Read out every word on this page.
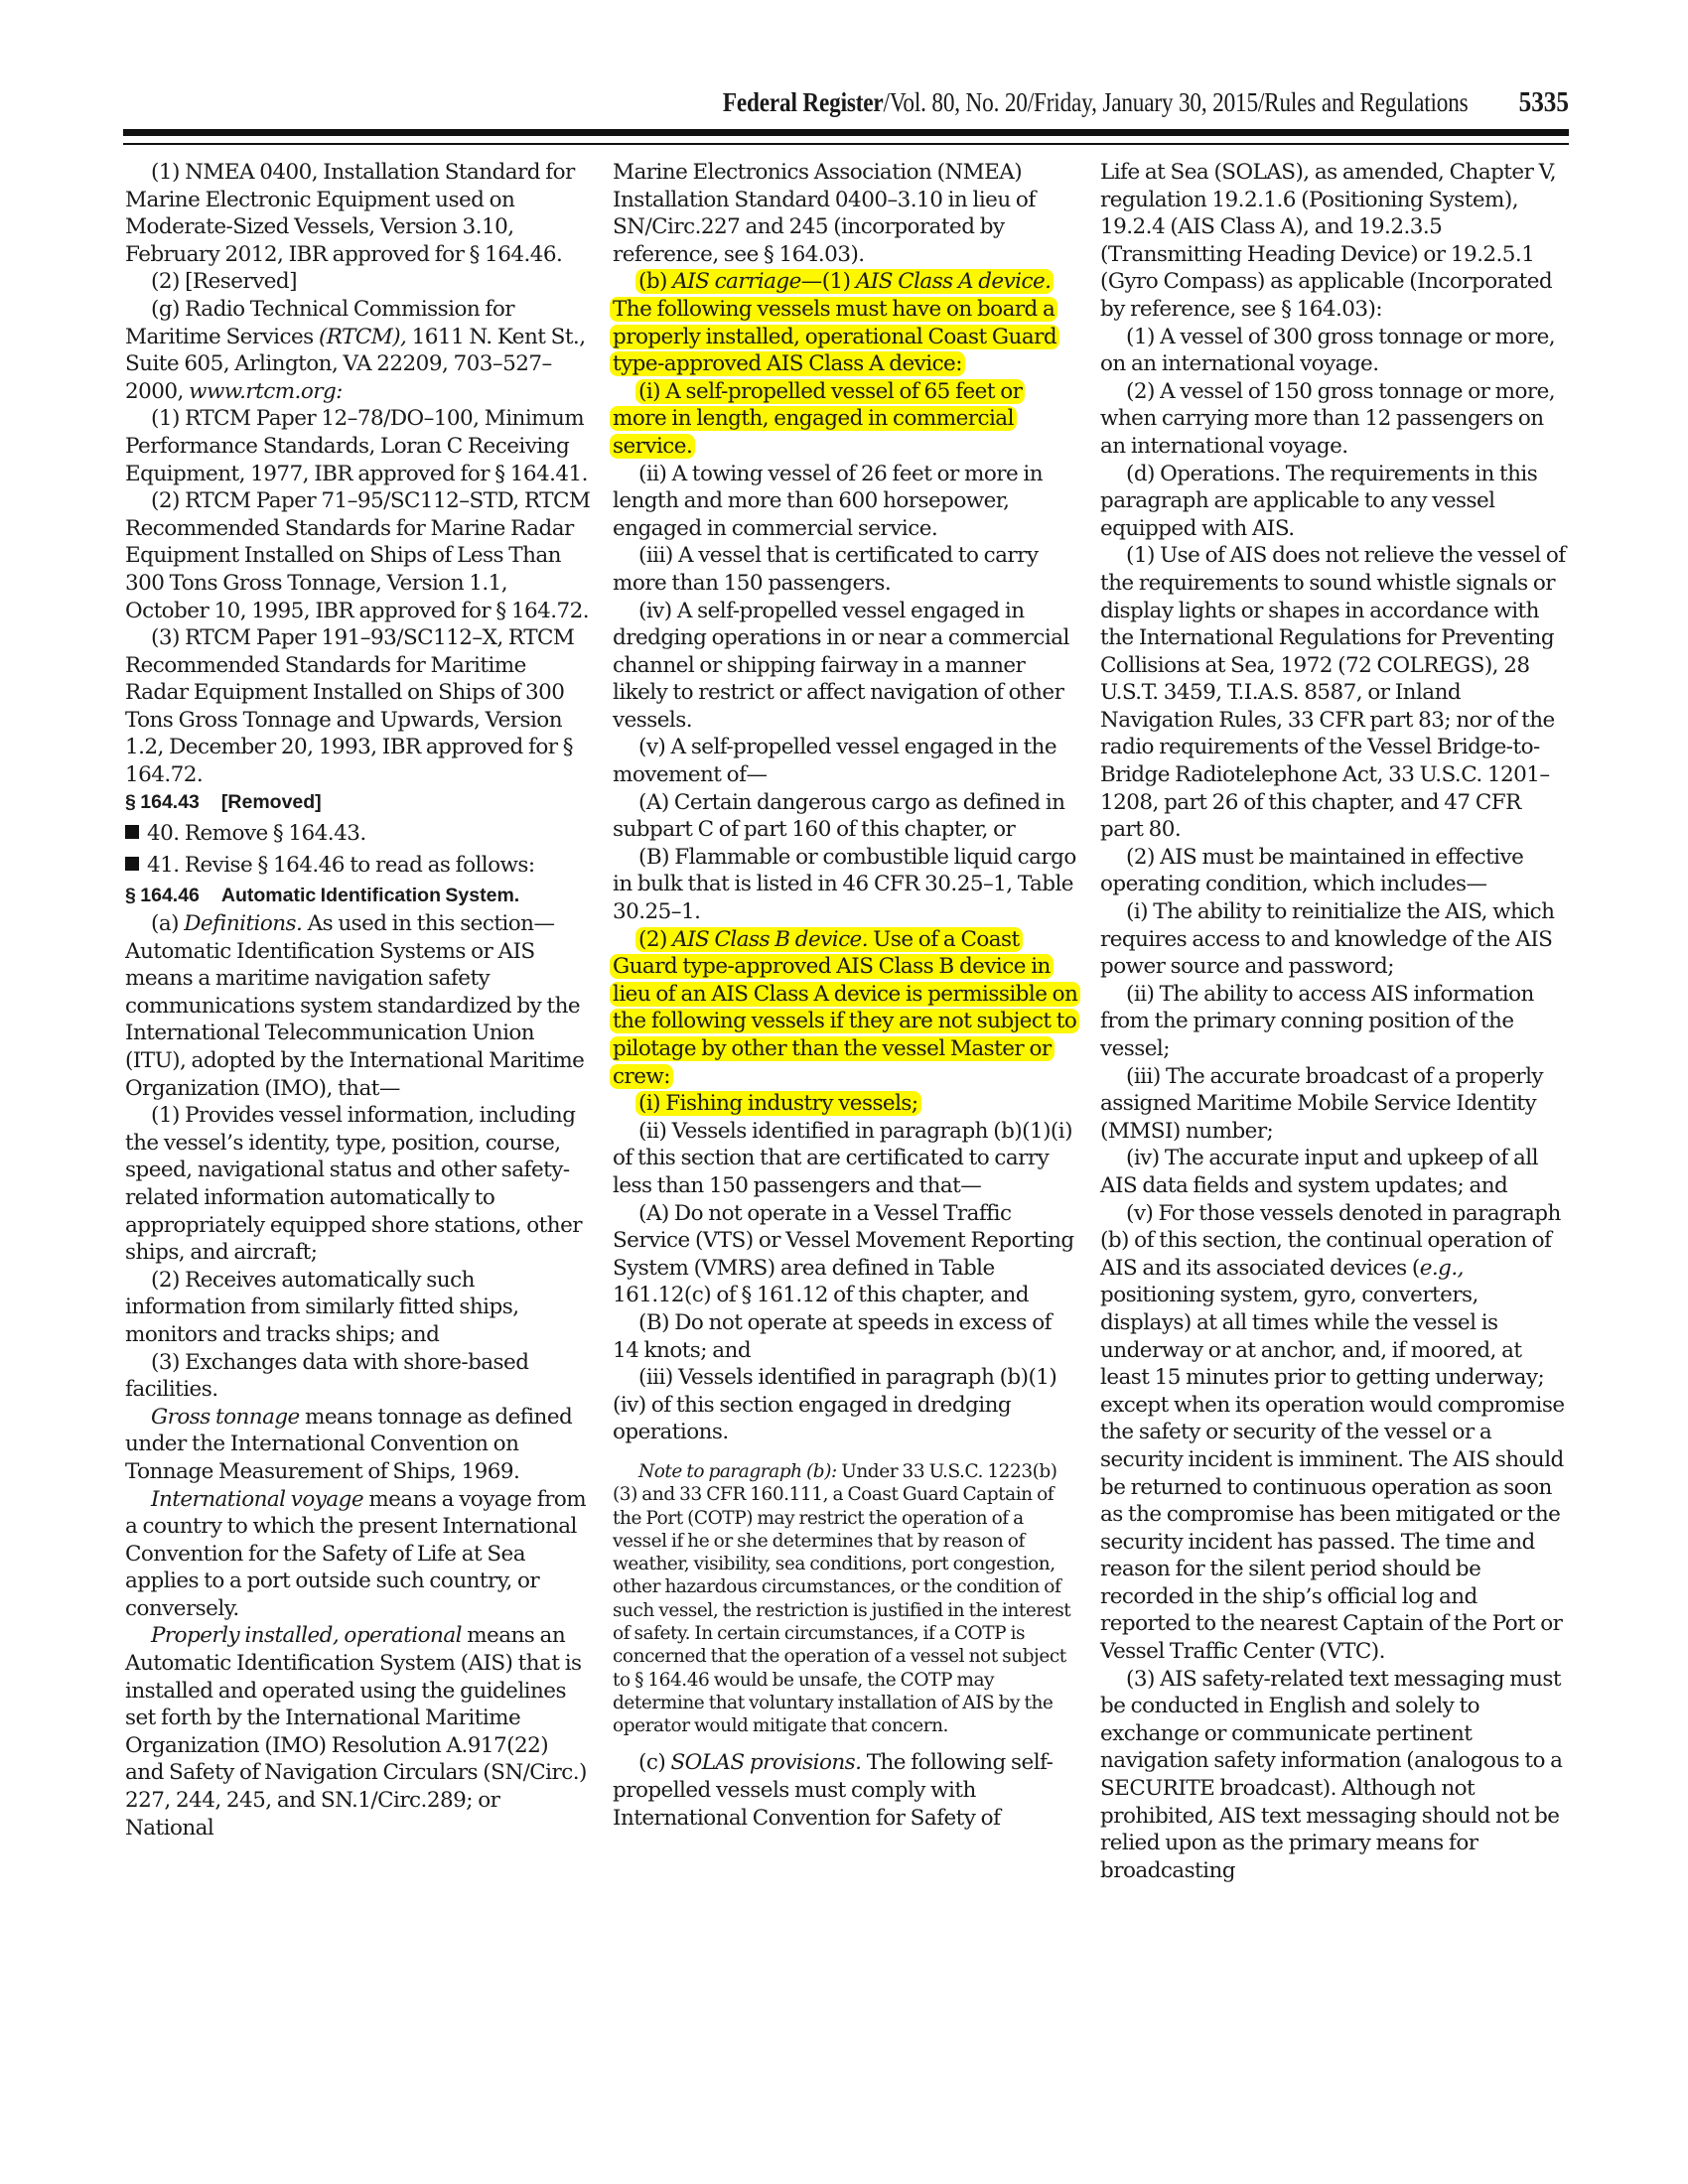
Federal Register/Vol. 80, No. 20/Friday, January 30, 2015/Rules and Regulations	5335

(1) NMEA 0400, Installation Standard for Marine Electronic Equipment used on Moderate-Sized Vessels, Version 3.10, February 2012, IBR approved for § 164.46.

(2) [Reserved]

(g) Radio Technical Commission for Maritime Services (RTCM), 1611 N. Kent St., Suite 605, Arlington, VA 22209, 703–527–2000, www.rtcm.org:

(1) RTCM Paper 12–78/DO–100, Minimum Performance Standards, Loran C Receiving Equipment, 1977, IBR approved for § 164.41.

(2) RTCM Paper 71–95/SC112–STD, RTCM Recommended Standards for Marine Radar Equipment Installed on Ships of Less Than 300 Tons Gross Tonnage, Version 1.1, October 10, 1995, IBR approved for § 164.72.

(3) RTCM Paper 191–93/SC112–X, RTCM Recommended Standards for Maritime Radar Equipment Installed on Ships of 300 Tons Gross Tonnage and Upwards, Version 1.2, December 20, 1993, IBR approved for § 164.72.

§ 164.43 [Removed]

40. Remove § 164.43.

41. Revise § 164.46 to read as follows:

§ 164.46 Automatic Identification System.

(a) Definitions. As used in this section—Automatic Identification Systems or AIS means a maritime navigation safety communications system standardized by the International Telecommunication Union (ITU), adopted by the International Maritime Organization (IMO), that—

(1) Provides vessel information, including the vessel’s identity, type, position, course, speed, navigational status and other safety-related information automatically to appropriately equipped shore stations, other ships, and aircraft;

(2) Receives automatically such information from similarly fitted ships, monitors and tracks ships; and

(3) Exchanges data with shore-based facilities.

Gross tonnage means tonnage as defined under the International Convention on Tonnage Measurement of Ships, 1969.

International voyage means a voyage from a country to which the present International Convention for the Safety of Life at Sea applies to a port outside such country, or conversely.

Properly installed, operational means an Automatic Identification System (AIS) that is installed and operated using the guidelines set forth by the International Maritime Organization (IMO) Resolution A.917(22) and Safety of Navigation Circulars (SN/Circ.) 227, 244, 245, and SN.1/Circ.289; or National

Marine Electronics Association (NMEA) Installation Standard 0400–3.10 in lieu of SN/Circ.227 and 245 (incorporated by reference, see § 164.03).

(b) AIS carriage—(1) AIS Class A device. The following vessels must have on board a properly installed, operational Coast Guard type-approved AIS Class A device:

(i) A self-propelled vessel of 65 feet or more in length, engaged in commercial service.

(ii) A towing vessel of 26 feet or more in length and more than 600 horsepower, engaged in commercial service.

(iii) A vessel that is certificated to carry more than 150 passengers.

(iv) A self-propelled vessel engaged in dredging operations in or near a commercial channel or shipping fairway in a manner likely to restrict or affect navigation of other vessels.

(v) A self-propelled vessel engaged in the movement of—

(A) Certain dangerous cargo as defined in subpart C of part 160 of this chapter, or

(B) Flammable or combustible liquid cargo in bulk that is listed in 46 CFR 30.25–1, Table 30.25–1.

(2) AIS Class B device. Use of a Coast Guard type-approved AIS Class B device in lieu of an AIS Class A device is permissible on the following vessels if they are not subject to pilotage by other than the vessel Master or crew:

(i) Fishing industry vessels;

(ii) Vessels identified in paragraph (b)(1)(i) of this section that are certificated to carry less than 150 passengers and that—

(A) Do not operate in a Vessel Traffic Service (VTS) or Vessel Movement Reporting System (VMRS) area defined in Table 161.12(c) of § 161.12 of this chapter, and

(B) Do not operate at speeds in excess of 14 knots; and

(iii) Vessels identified in paragraph (b)(1)(iv) of this section engaged in dredging operations.

Note to paragraph (b): Under 33 U.S.C. 1223(b)(3) and 33 CFR 160.111, a Coast Guard Captain of the Port (COTP) may restrict the operation of a vessel if he or she determines that by reason of weather, visibility, sea conditions, port congestion, other hazardous circumstances, or the condition of such vessel, the restriction is justified in the interest of safety. In certain circumstances, if a COTP is concerned that the operation of a vessel not subject to § 164.46 would be unsafe, the COTP may determine that voluntary installation of AIS by the operator would mitigate that concern.

(c) SOLAS provisions. The following self-propelled vessels must comply with International Convention for Safety of

Life at Sea (SOLAS), as amended, Chapter V, regulation 19.2.1.6 (Positioning System), 19.2.4 (AIS Class A), and 19.2.3.5 (Transmitting Heading Device) or 19.2.5.1 (Gyro Compass) as applicable (Incorporated by reference, see § 164.03):

(1) A vessel of 300 gross tonnage or more, on an international voyage.

(2) A vessel of 150 gross tonnage or more, when carrying more than 12 passengers on an international voyage.

(d) Operations. The requirements in this paragraph are applicable to any vessel equipped with AIS.

(1) Use of AIS does not relieve the vessel of the requirements to sound whistle signals or display lights or shapes in accordance with the International Regulations for Preventing Collisions at Sea, 1972 (72 COLREGS), 28 U.S.T. 3459, T.I.A.S. 8587, or Inland Navigation Rules, 33 CFR part 83; nor of the radio requirements of the Vessel Bridge-to-Bridge Radiotelephone Act, 33 U.S.C. 1201–1208, part 26 of this chapter, and 47 CFR part 80.

(2) AIS must be maintained in effective operating condition, which includes—

(i) The ability to reinitialize the AIS, which requires access to and knowledge of the AIS power source and password;

(ii) The ability to access AIS information from the primary conning position of the vessel;

(iii) The accurate broadcast of a properly assigned Maritime Mobile Service Identity (MMSI) number;

(iv) The accurate input and upkeep of all AIS data fields and system updates; and

(v) For those vessels denoted in paragraph (b) of this section, the continual operation of AIS and its associated devices (e.g., positioning system, gyro, converters, displays) at all times while the vessel is underway or at anchor, and, if moored, at least 15 minutes prior to getting underway; except when its operation would compromise the safety or security of the vessel or a security incident is imminent. The AIS should be returned to continuous operation as soon as the compromise has been mitigated or the security incident has passed. The time and reason for the silent period should be recorded in the ship’s official log and reported to the nearest Captain of the Port or Vessel Traffic Center (VTC).

(3) AIS safety-related text messaging must be conducted in English and solely to exchange or communicate pertinent navigation safety information (analogous to a SECURITE broadcast). Although not prohibited, AIS text messaging should not be relied upon as the primary means for broadcasting
